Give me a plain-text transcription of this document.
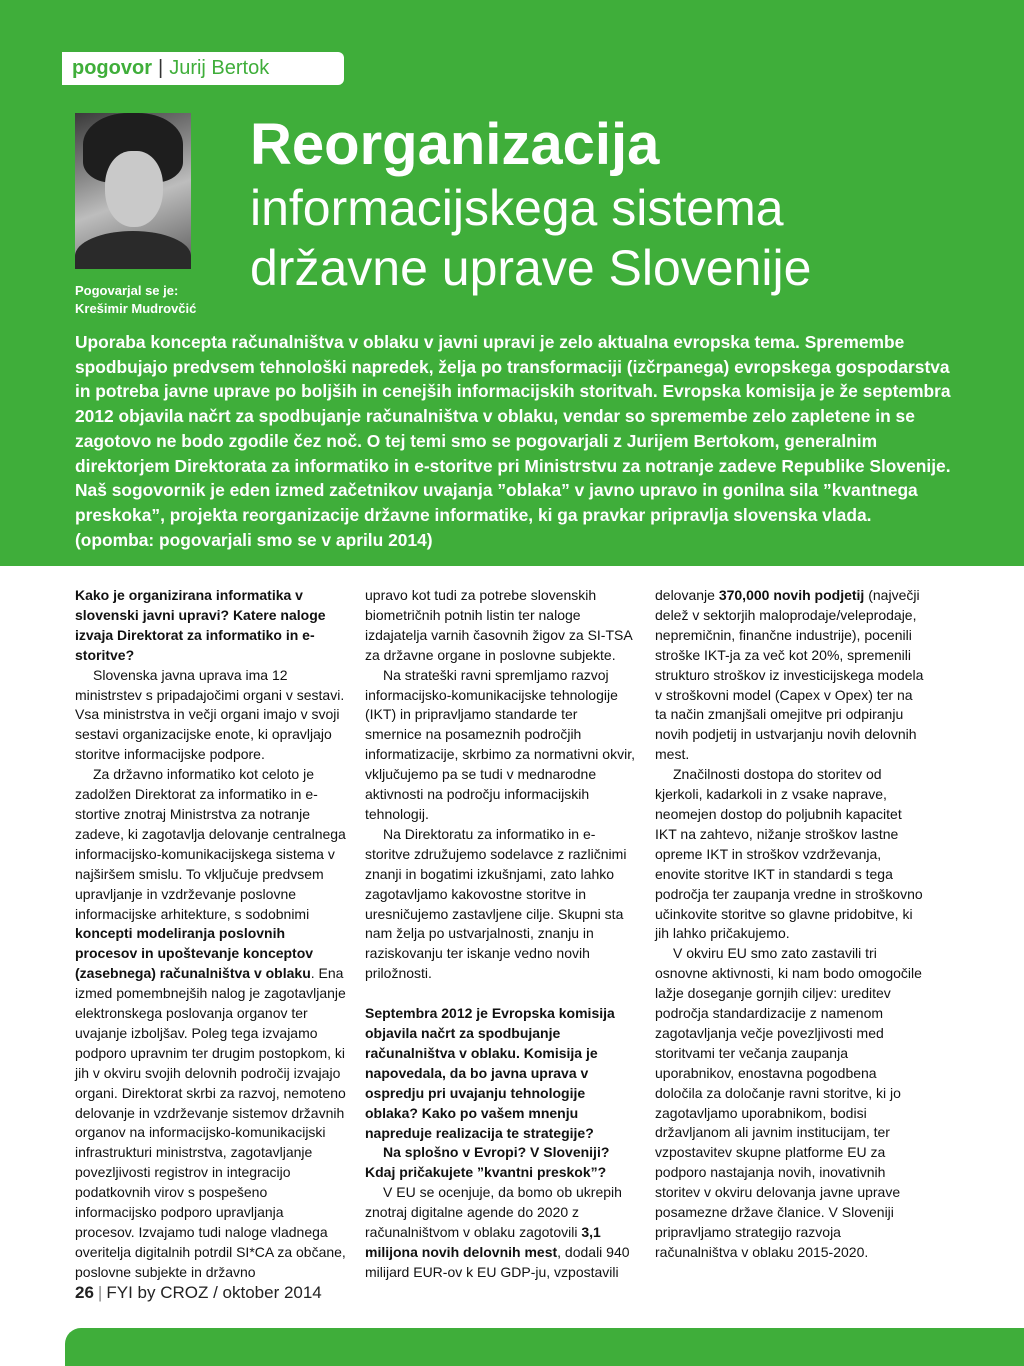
pogovor | Jurij Bertok
Pogovarjal se je:
Krešimir Mudrovčić
Reorganizacija
informacijskega sistema
državne uprave Slovenije
Uporaba koncepta računalništva v oblaku v javni upravi je zelo aktualna evropska tema. Spremembe spodbujajo predvsem tehnološki napredek, želja po transformaciji (izčrpanega) evropskega gospodarstva in potreba javne uprave po boljših in cenejših informacijskih storitvah. Evropska komisija je že septembra 2012 objavila načrt za spodbujanje računalništva v oblaku, vendar so spremembe zelo zapletene in se zagotovo ne bodo zgodile čez noč. O tej temi smo se pogovarjali z Jurijem Bertokom, generalnim direktorjem Direktorata za informatiko in e-storitve pri Ministrstvu za notranje zadeve Republike Slovenije. Naš sogovornik je eden izmed začetnikov uvajanja ”oblaka” v javno upravo in gonilna sila ”kvantnega preskoka”, projekta reorganizacije državne informatike, ki ga pravkar pripravlja slovenska vlada. (opomba: pogovarjali smo se v aprilu 2014)

Kako je organizirana informatika v slovenski javni upravi? Katere naloge izvaja Direktorat za informatiko in e-storitve?

Slovenska javna uprava ima 12 ministrstev s pripadajočimi organi v sestavi. Vsa ministrstva in večji organi imajo v svoji sestavi organizacijske enote, ki opravljajo storitve informacijske podpore.

Za državno informatiko kot celoto je zadolžen Direktorat za informatiko in e-stortive znotraj Ministrstva za notranje zadeve, ki zagotavlja delovanje centralnega informacijsko-komunikacijskega sistema v najširšem smislu. To vključuje predvsem upravljanje in vzdrževanje poslovne informacijske arhitekture, s sodobnimi koncepti modeliranja poslovnih procesov in upoštevanje konceptov (zasebnega) računalništva v oblaku. Ena izmed pomembnejših nalog je zagotavljanje elektronskega poslovanja organov ter uvajanje izboljšav. Poleg tega izvajamo podporo upravnim ter drugim postopkom, ki jih v okviru svojih delovnih področij izvajajo organi. Direktorat skrbi za razvoj, nemoteno delovanje in vzdrževanje sistemov državnih organov na informacijsko-komunikacijski infrastrukturi ministrstva, zagotavljanje povezljivosti registrov in integracijo podatkovnih virov s pospešeno informacijsko podporo upravljanja procesov. Izvajamo tudi naloge vladnega overitelja digitalnih potrdil SI*CA za občane, poslovne subjekte in državno

upravo kot tudi za potrebe slovenskih biometričnih potnih listin ter naloge izdajatelja varnih časovnih žigov za SI-TSA za državne organe in poslovne subjekte.

Na strateški ravni spremljamo razvoj informacijsko-komunikacijske tehnologije (IKT) in pripravljamo standarde ter smernice na posameznih področjih informatizacije, skrbimo za normativni okvir, vključujemo pa se tudi v mednarodne aktivnosti na področju informacijskih tehnologij.

Na Direktoratu za informatiko in e-storitve združujemo sodelavce z različnimi znanji in bogatimi izkušnjami, zato lahko zagotavljamo kakovostne storitve in uresničujemo zastavljene cilje. Skupni sta nam želja po ustvarjalnosti, znanju in raziskovanju ter iskanje vedno novih priložnosti.

Septembra 2012 je Evropska komisija objavila načrt za spodbujanje računalništva v oblaku. Komisija je napovedala, da bo javna uprava v ospredju pri uvajanju tehnologije oblaka? Kako po vašem mnenju napreduje realizacija te strategije?

Na splošno v Evropi? V Sloveniji? Kdaj pričakujete ”kvantni preskok”?

V EU se ocenjuje, da bomo ob ukrepih znotraj digitalne agende do 2020 z računalništvom v oblaku zagotovili 3,1 milijona novih delovnih mest, dodali 940 milijard EUR-ov k EU GDP-ju, vzpostavili

delovanje 370,000 novih podjetij (največji delež v sektorjih maloprodaje/veleprodaje, nepremičnin, finančne industrije), pocenili stroške IKT-ja za več kot 20%, spremenili strukturo stroškov iz investicijskega modela v stroškovni model (Capex v Opex) ter na ta način zmanjšali omejitve pri odpiranju novih podjetij in ustvarjanju novih delovnih mest.

Značilnosti dostopa do storitev od kjerkoli, kadarkoli in z vsake naprave, neomejen dostop do poljubnih kapacitet IKT na zahtevo, nižanje stroškov lastne opreme IKT in stroškov vzdrževanja, enovite storitve IKT in standardi s tega področja ter zaupanja vredne in stroškovno učinkovite storitve so glavne pridobitve, ki jih lahko pričakujemo.

V okviru EU smo zato zastavili tri osnovne aktivnosti, ki nam bodo omogočile lažje doseganje gornjih ciljev: ureditev področja standardizacije z namenom zagotavljanja večje povezljivosti med storitvami ter večanja zaupanja uporabnikov, enostavna pogodbena določila za določanje ravni storitve, ki jo zagotavljamo uporabnikom, bodisi državljanom ali javnim institucijam, ter vzpostavitev skupne platforme EU za podporo nastajanja novih, inovativnih storitev v okviru delovanja javne uprave posamezne države članice. V Sloveniji pripravljamo strategijo razvoja računalništva v oblaku 2015-2020.

26 | FYI by CROZ / oktober 2014
